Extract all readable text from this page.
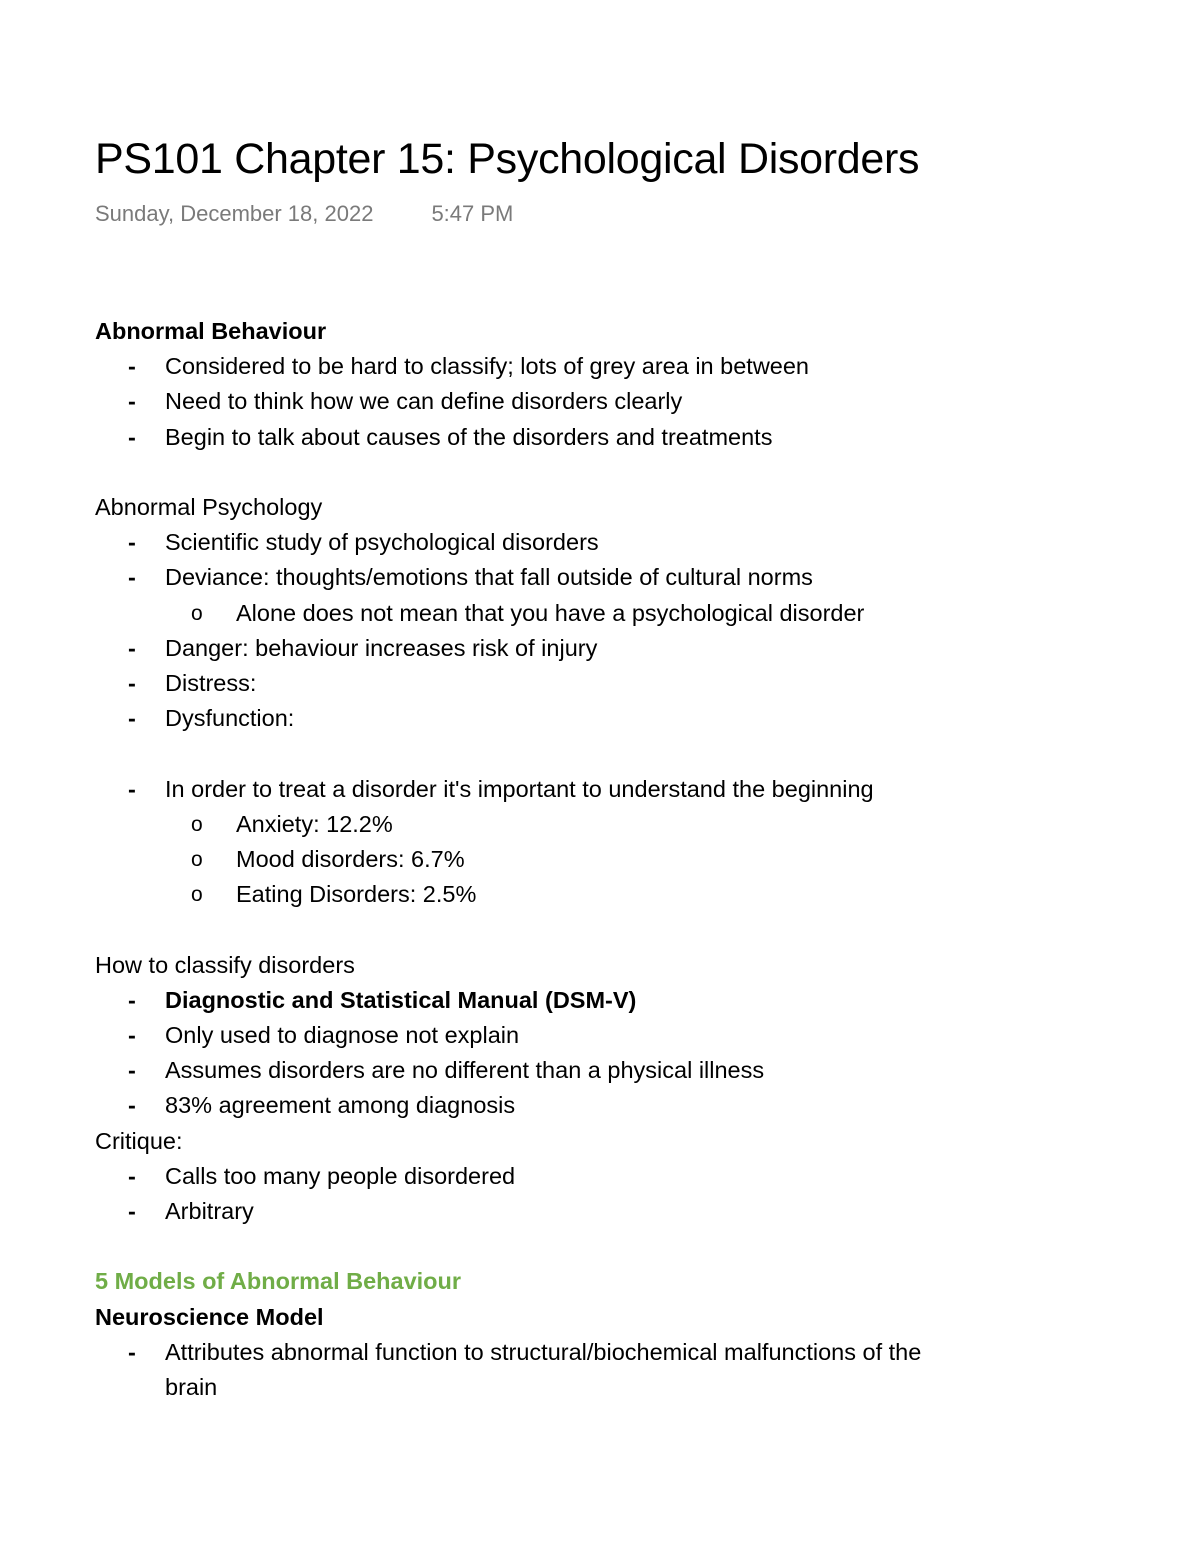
PS101 Chapter 15: Psychological Disorders
Sunday, December 18, 2022	5:47 PM
Abnormal Behaviour
- Considered to be hard to classify; lots of grey area in between
- Need to think how we can define disorders clearly
- Begin to talk about causes of the disorders and treatments
Abnormal Psychology
- Scientific study of psychological disorders
- Deviance: thoughts/emotions that fall outside of cultural norms
o Alone does not mean that you have a psychological disorder
- Danger: behaviour increases risk of injury
- Distress:
- Dysfunction:
- In order to treat a disorder it's important to understand the beginning
o Anxiety: 12.2%
o Mood disorders: 6.7%
o Eating Disorders: 2.5%
How to classify disorders
- Diagnostic and Statistical Manual (DSM-V)
- Only used to diagnose not explain
- Assumes disorders are no different than a physical illness
- 83% agreement among diagnosis
Critique:
- Calls too many people disordered
- Arbitrary
5 Models of Abnormal Behaviour
Neuroscience Model
- Attributes abnormal function to structural/biochemical malfunctions of the
brain
